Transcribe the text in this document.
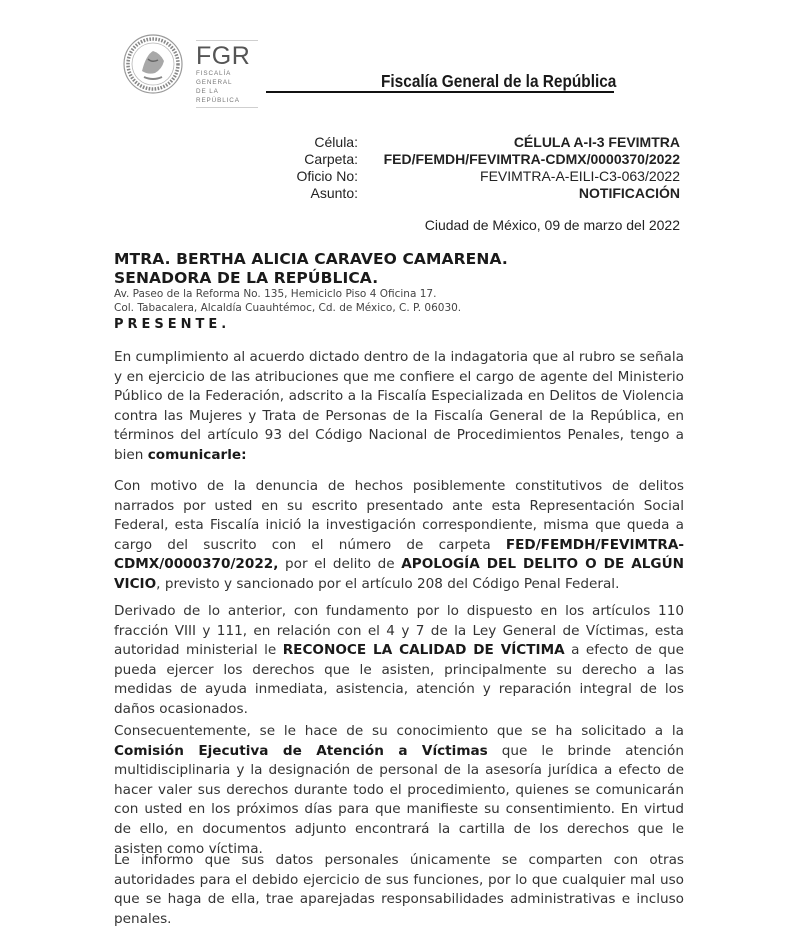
FGR
FISCALÍA GENERAL
DE LA REPÚBLICA
Fiscalía General de la República
Célula:	CÉLULA A-I-3 FEVIMTRA
Carpeta: FED/FEMDH/FEVIMTRA-CDMX/0000370/2022
Oficio No:	FEVIMTRA-A-EILI-C3-063/2022
Asunto:	NOTIFICACIÓN
Ciudad de México, 09 de marzo del 2022
MTRA. BERTHA ALICIA CARAVEO CAMARENA.
SENADORA DE LA REPÚBLICA.
Av. Paseo de la Reforma No. 135, Hemiciclo Piso 4 Oficina 17.
Col. Tabacalera, Alcaldía Cuauhtémoc, Cd. de México, C. P. 06030.
PRESENTE.
En cumplimiento al acuerdo dictado dentro de la indagatoria que al rubro se señala y en ejercicio de las atribuciones que me confiere el cargo de agente del Ministerio Público de la Federación, adscrito a la Fiscalía Especializada en Delitos de Violencia contra las Mujeres y Trata de Personas de la Fiscalía General de la República, en términos del artículo 93 del Código Nacional de Procedimientos Penales, tengo a bien comunicarle:
Con motivo de la denuncia de hechos posiblemente constitutivos de delitos narrados por usted en su escrito presentado ante esta Representación Social Federal, esta Fiscalía inició la investigación correspondiente, misma que queda a cargo del suscrito con el número de carpeta FED/FEMDH/FEVIMTRA-CDMX/0000370/2022, por el delito de APOLOGÍA DEL DELITO O DE ALGÚN VICIO, previsto y sancionado por el artículo 208 del Código Penal Federal.
Derivado de lo anterior, con fundamento por lo dispuesto en los artículos 110 fracción VIII y 111, en relación con el 4 y 7 de la Ley General de Víctimas, esta autoridad ministerial le RECONOCE LA CALIDAD DE VÍCTIMA a efecto de que pueda ejercer los derechos que le asisten, principalmente su derecho a las medidas de ayuda inmediata, asistencia, atención y reparación integral de los daños ocasionados.
Consecuentemente, se le hace de su conocimiento que se ha solicitado a la Comisión Ejecutiva de Atención a Víctimas que le brinde atención multidisciplinaria y la designación de personal de la asesoría jurídica a efecto de hacer valer sus derechos durante todo el procedimiento, quienes se comunicarán con usted en los próximos días para que manifieste su consentimiento. En virtud de ello, en documentos adjunto encontrará la cartilla de los derechos que le asisten como víctima.
Le informo que sus datos personales únicamente se comparten con otras autoridades para el debido ejercicio de sus funciones, por lo que cualquier mal uso que se haga de ella, trae aparejadas responsabilidades administrativas e incluso penales.
